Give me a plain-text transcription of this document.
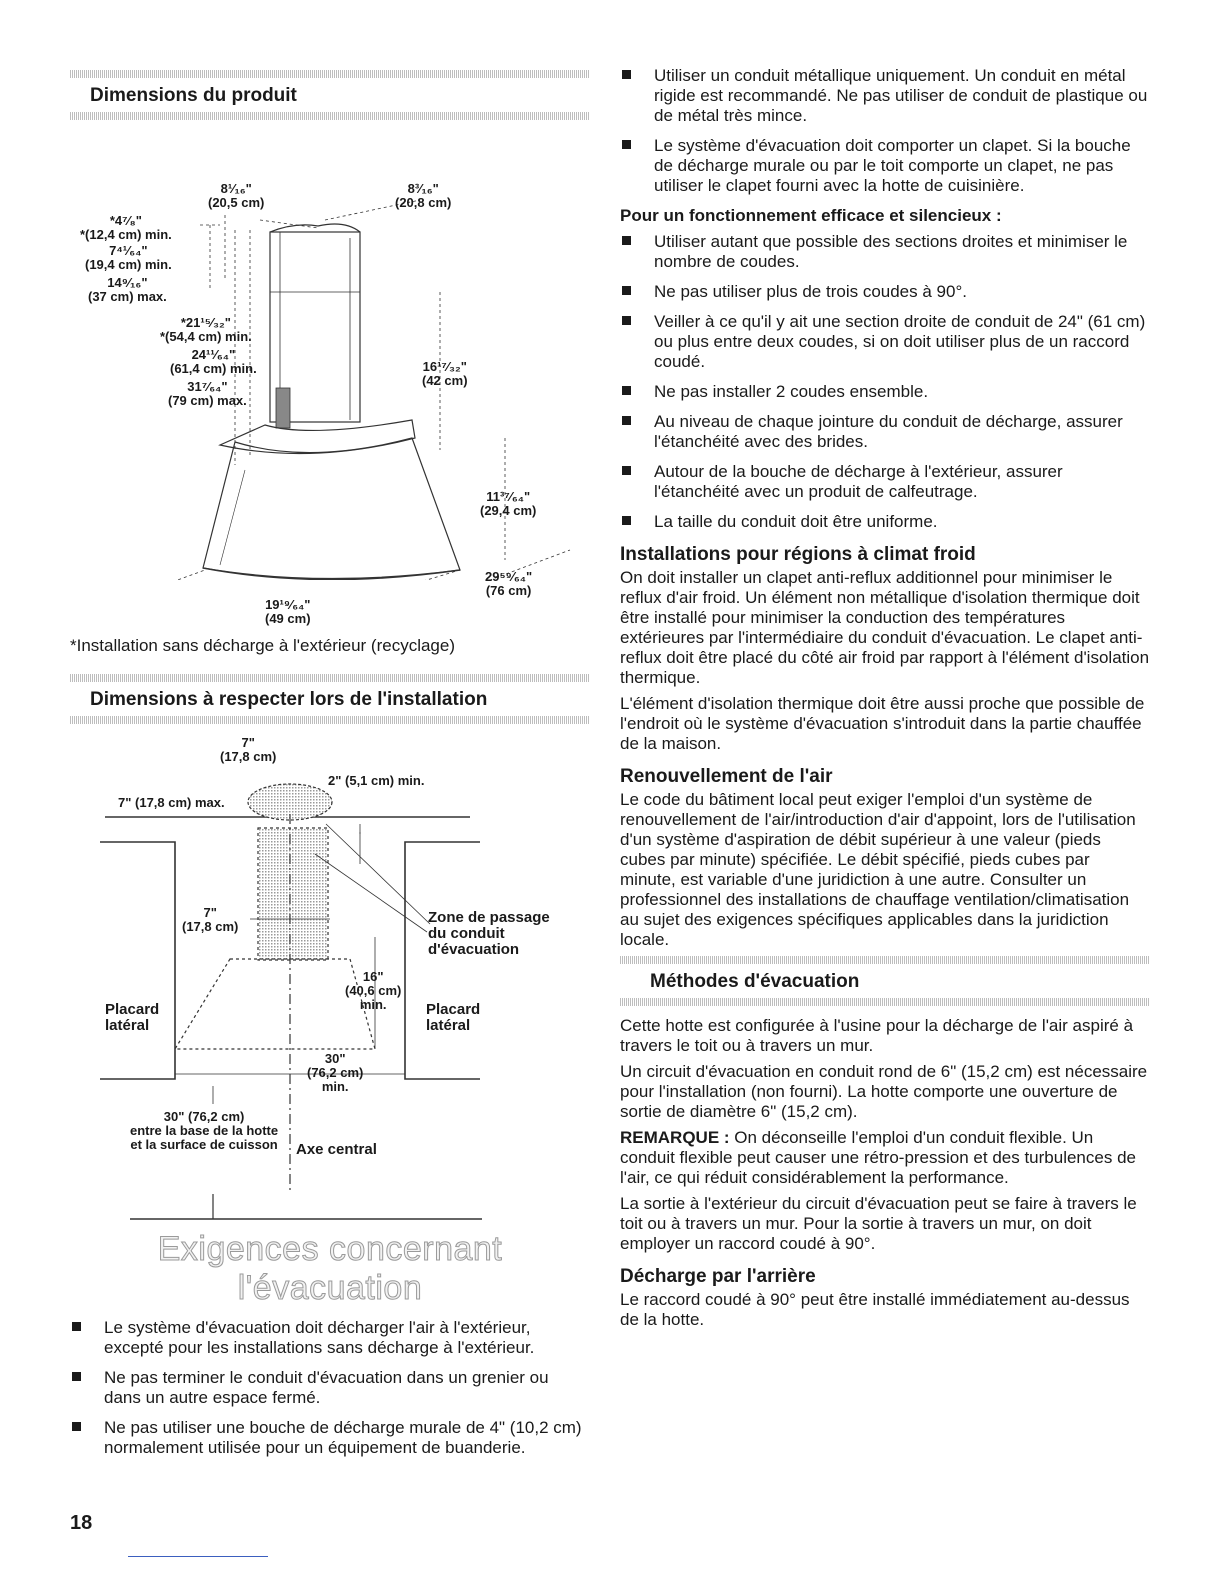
Dimensions du produit
8¹⁄₁₆"
(20,5 cm)
8³⁄₁₆"
(20,8 cm)
*4⁷⁄₈"
*(12,4 cm) min.
7⁴¹⁄₆₄"
(19,4 cm) min.
14⁹⁄₁₆"
(37 cm) max.
*21¹⁵⁄₃₂"
*(54,4 cm) min.
24¹¹⁄₆₄"
(61,4 cm) min.
31⁷⁄₆₄"
(79 cm) max.
16¹⁷⁄₃₂"
(42 cm)
11³⁷⁄₆₄"
(29,4 cm)
29⁵⁹⁄₆₄"
(76 cm)
19¹⁹⁄₆₄"
(49 cm)
*Installation sans décharge à l'extérieur (recyclage)
Dimensions à respecter lors de l'installation
7"
(17,8 cm)
2" (5,1 cm) min.
7" (17,8 cm) max.
7"
(17,8 cm)
Zone de passage
du conduit
d'évacuation
16"
(40,6 cm)
min.
Placard
latéral
Placard
latéral
30"
(76,2 cm)
min.
30" (76,2 cm)
entre la base de la hotte
et la surface de cuisson Axe central
Exigences concernant l'évacuation
Le système d'évacuation doit décharger l'air à l'extérieur, excepté pour les installations sans décharge à l'extérieur.
Ne pas terminer le conduit d'évacuation dans un grenier ou dans un autre espace fermé.
Ne pas utiliser une bouche de décharge murale de 4" (10,2 cm) normalement utilisée pour un équipement de buanderie.
Utiliser un conduit métallique uniquement. Un conduit en métal rigide est recommandé. Ne pas utiliser de conduit de plastique ou de métal très mince.
Le système d'évacuation doit comporter un clapet. Si la bouche de décharge murale ou par le toit comporte un clapet, ne pas utiliser le clapet fourni avec la hotte de cuisinière.
Pour un fonctionnement efficace et silencieux :
Utiliser autant que possible des sections droites et minimiser le nombre de coudes.
Ne pas utiliser plus de trois coudes à 90°.
Veiller à ce qu'il y ait une section droite de conduit de 24" (61 cm) ou plus entre deux coudes, si on doit utiliser plus de un raccord coudé.
Ne pas installer 2 coudes ensemble.
Au niveau de chaque jointure du conduit de décharge, assurer l'étanchéité avec des brides.
Autour de la bouche de décharge à l'extérieur, assurer l'étanchéité avec un produit de calfeutrage.
La taille du conduit doit être uniforme.
Installations pour régions à climat froid

On doit installer un clapet anti-reflux additionnel pour minimiser le reflux d'air froid. Un élément non métallique d'isolation thermique doit être installé pour minimiser la conduction des températures extérieures par l'intermédiaire du conduit d'évacuation. Le clapet anti-reflux doit être placé du côté air froid par rapport à l'élément d'isolation thermique.

L'élément d'isolation thermique doit être aussi proche que possible de l'endroit où le système d'évacuation s'introduit dans la partie chauffée de la maison.

Renouvellement de l'air

Le code du bâtiment local peut exiger l'emploi d'un système de renouvellement de l'air/introduction d'air d'appoint, lors de l'utilisation d'un système d'aspiration de débit supérieur à une valeur (pieds cubes par minute) spécifiée. Le débit spécifié, pieds cubes par minute, est variable d'une juridiction à une autre. Consulter un professionnel des installations de chauffage ventilation/climatisation au sujet des exigences spécifiques applicables dans la juridiction locale.

Méthodes d'évacuation

Cette hotte est configurée à l'usine pour la décharge de l'air aspiré à travers le toit ou à travers un mur.

Un circuit d'évacuation en conduit rond de 6" (15,2 cm) est nécessaire pour l'installation (non fourni). La hotte comporte une ouverture de sortie de diamètre 6" (15,2 cm).

REMARQUE : On déconseille l'emploi d'un conduit flexible. Un conduit flexible peut causer une rétro-pression et des turbulences de l'air, ce qui réduit considérablement la performance.

La sortie à l'extérieur du circuit d'évacuation peut se faire à travers le toit ou à travers un mur. Pour la sortie à travers un mur, on doit employer un raccord coudé à 90°.

Décharge par l'arrière

Le raccord coudé à 90° peut être installé immédiatement au-dessus de la hotte.

18
